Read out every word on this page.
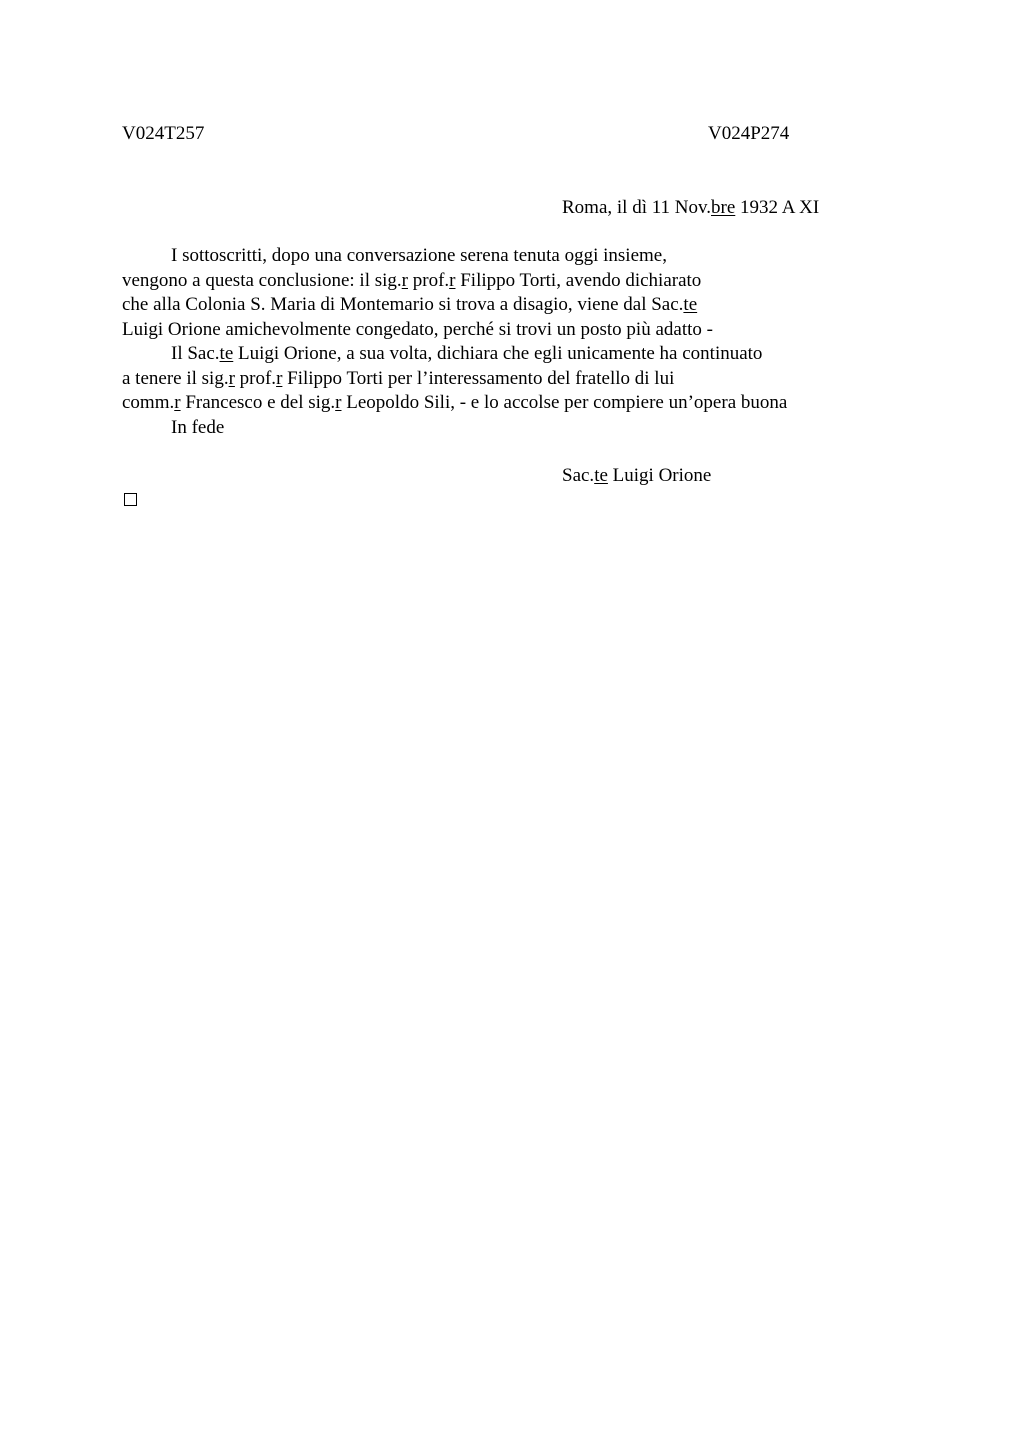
V024T257	V024P274
Roma, il dì 11 Nov.bre 1932 A XI
I sottoscritti, dopo una conversazione serena tenuta oggi insieme,
vengono a questa conclusione: il sig.r prof.r Filippo Torti, avendo dichiarato
che alla Colonia S. Maria di Montemario si trova a disagio, viene dal Sac.te
Luigi Orione amichevolmente congedato, perché si trovi un posto più adatto -
Il Sac.te Luigi Orione, a sua volta, dichiara che egli unicamente ha continuato
a tenere il sig.r prof.r Filippo Torti per l’interessamento del fratello di lui
comm.r Francesco e del sig.r Leopoldo Sili, - e lo accolse per compiere un’opera buona
In fede
Sac.te Luigi Orione
